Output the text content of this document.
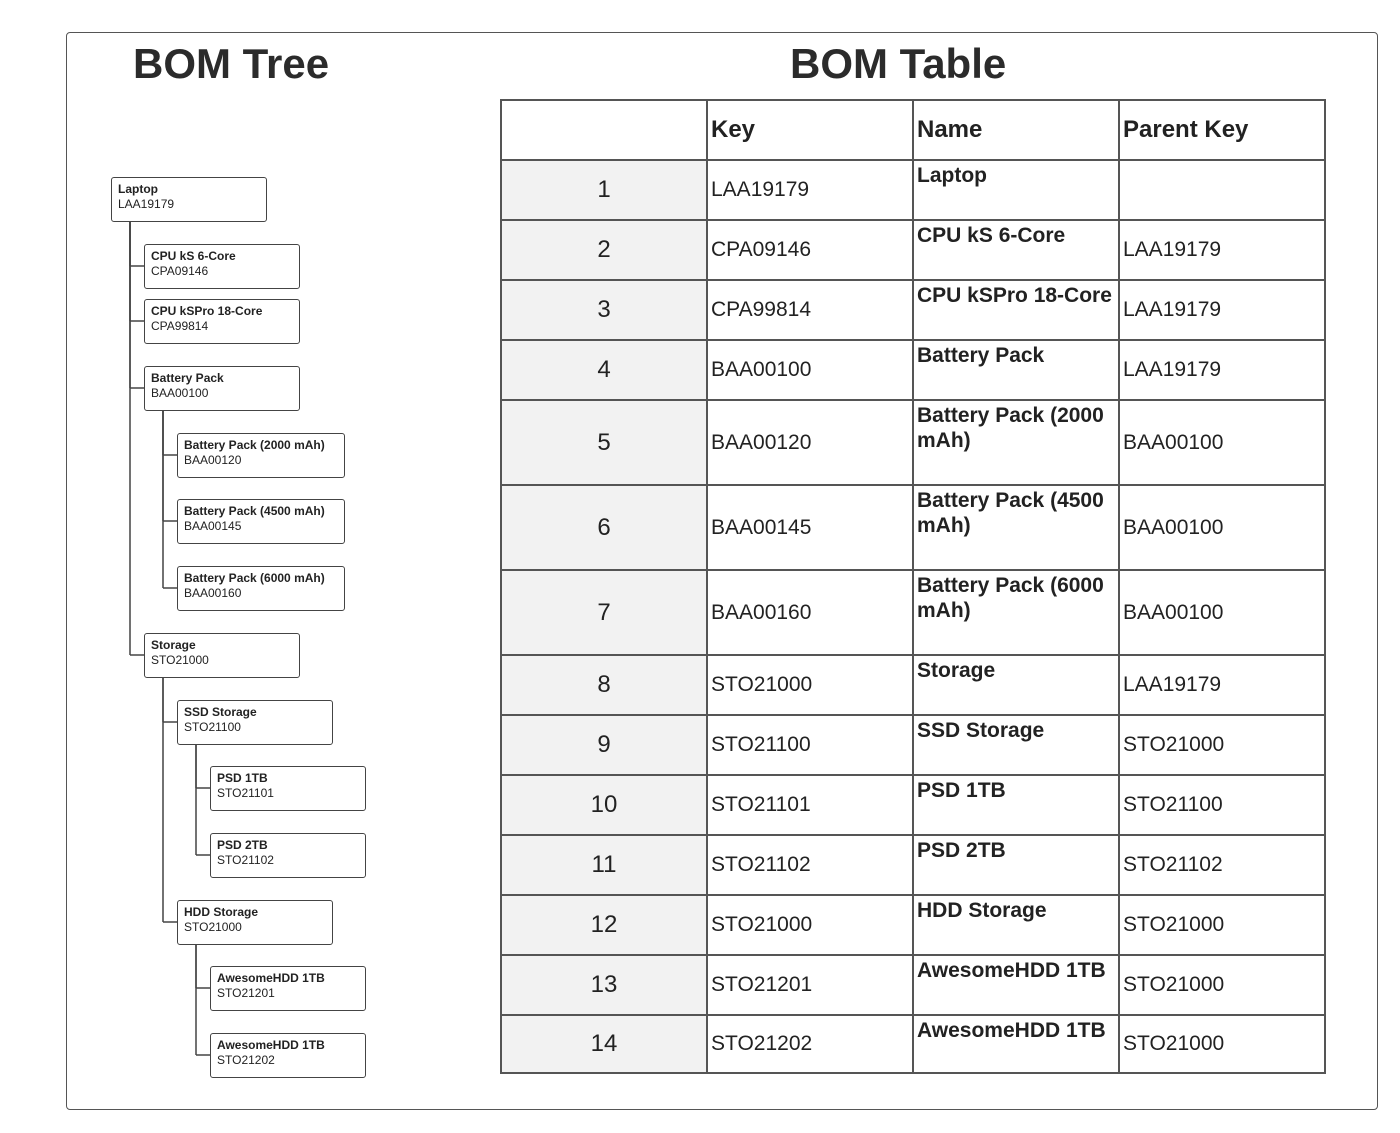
BOM Tree	BOM Table
Laptop
LAA19179
CPU kS 6-Core
CPA09146
CPU kSPro 18-Core
CPA99814
Battery Pack
BAA00100
Battery Pack (2000 mAh)
BAA00120
Battery Pack (4500 mAh)
BAA00145
Battery Pack (6000 mAh)
BAA00160
Storage
STO21000
SSD Storage
STO21100
PSD 1TB
STO21101
PSD 2TB
STO21102
HDD Storage
STO21000
AwesomeHDD 1TB
STO21201
AwesomeHDD 1TB
STO21202
	Key	Name	Parent Key
1	LAA19179	Laptop	
2	CPA09146	CPU kS 6-Core	LAA19179
3	CPA99814	CPU kSPro 18-Core	LAA19179
4	BAA00100	Battery Pack	LAA19179
5	BAA00120	Battery Pack (2000 mAh)	BAA00100
6	BAA00145	Battery Pack (4500 mAh)	BAA00100
7	BAA00160	Battery Pack (6000 mAh)	BAA00100
8	STO21000	Storage	LAA19179
9	STO21100	SSD Storage	STO21000
10	STO21101	PSD 1TB	STO21100
11	STO21102	PSD 2TB	STO21102
12	STO21000	HDD Storage	STO21000
13	STO21201	AwesomeHDD 1TB	STO21000
14	STO21202	AwesomeHDD 1TB	STO21000
